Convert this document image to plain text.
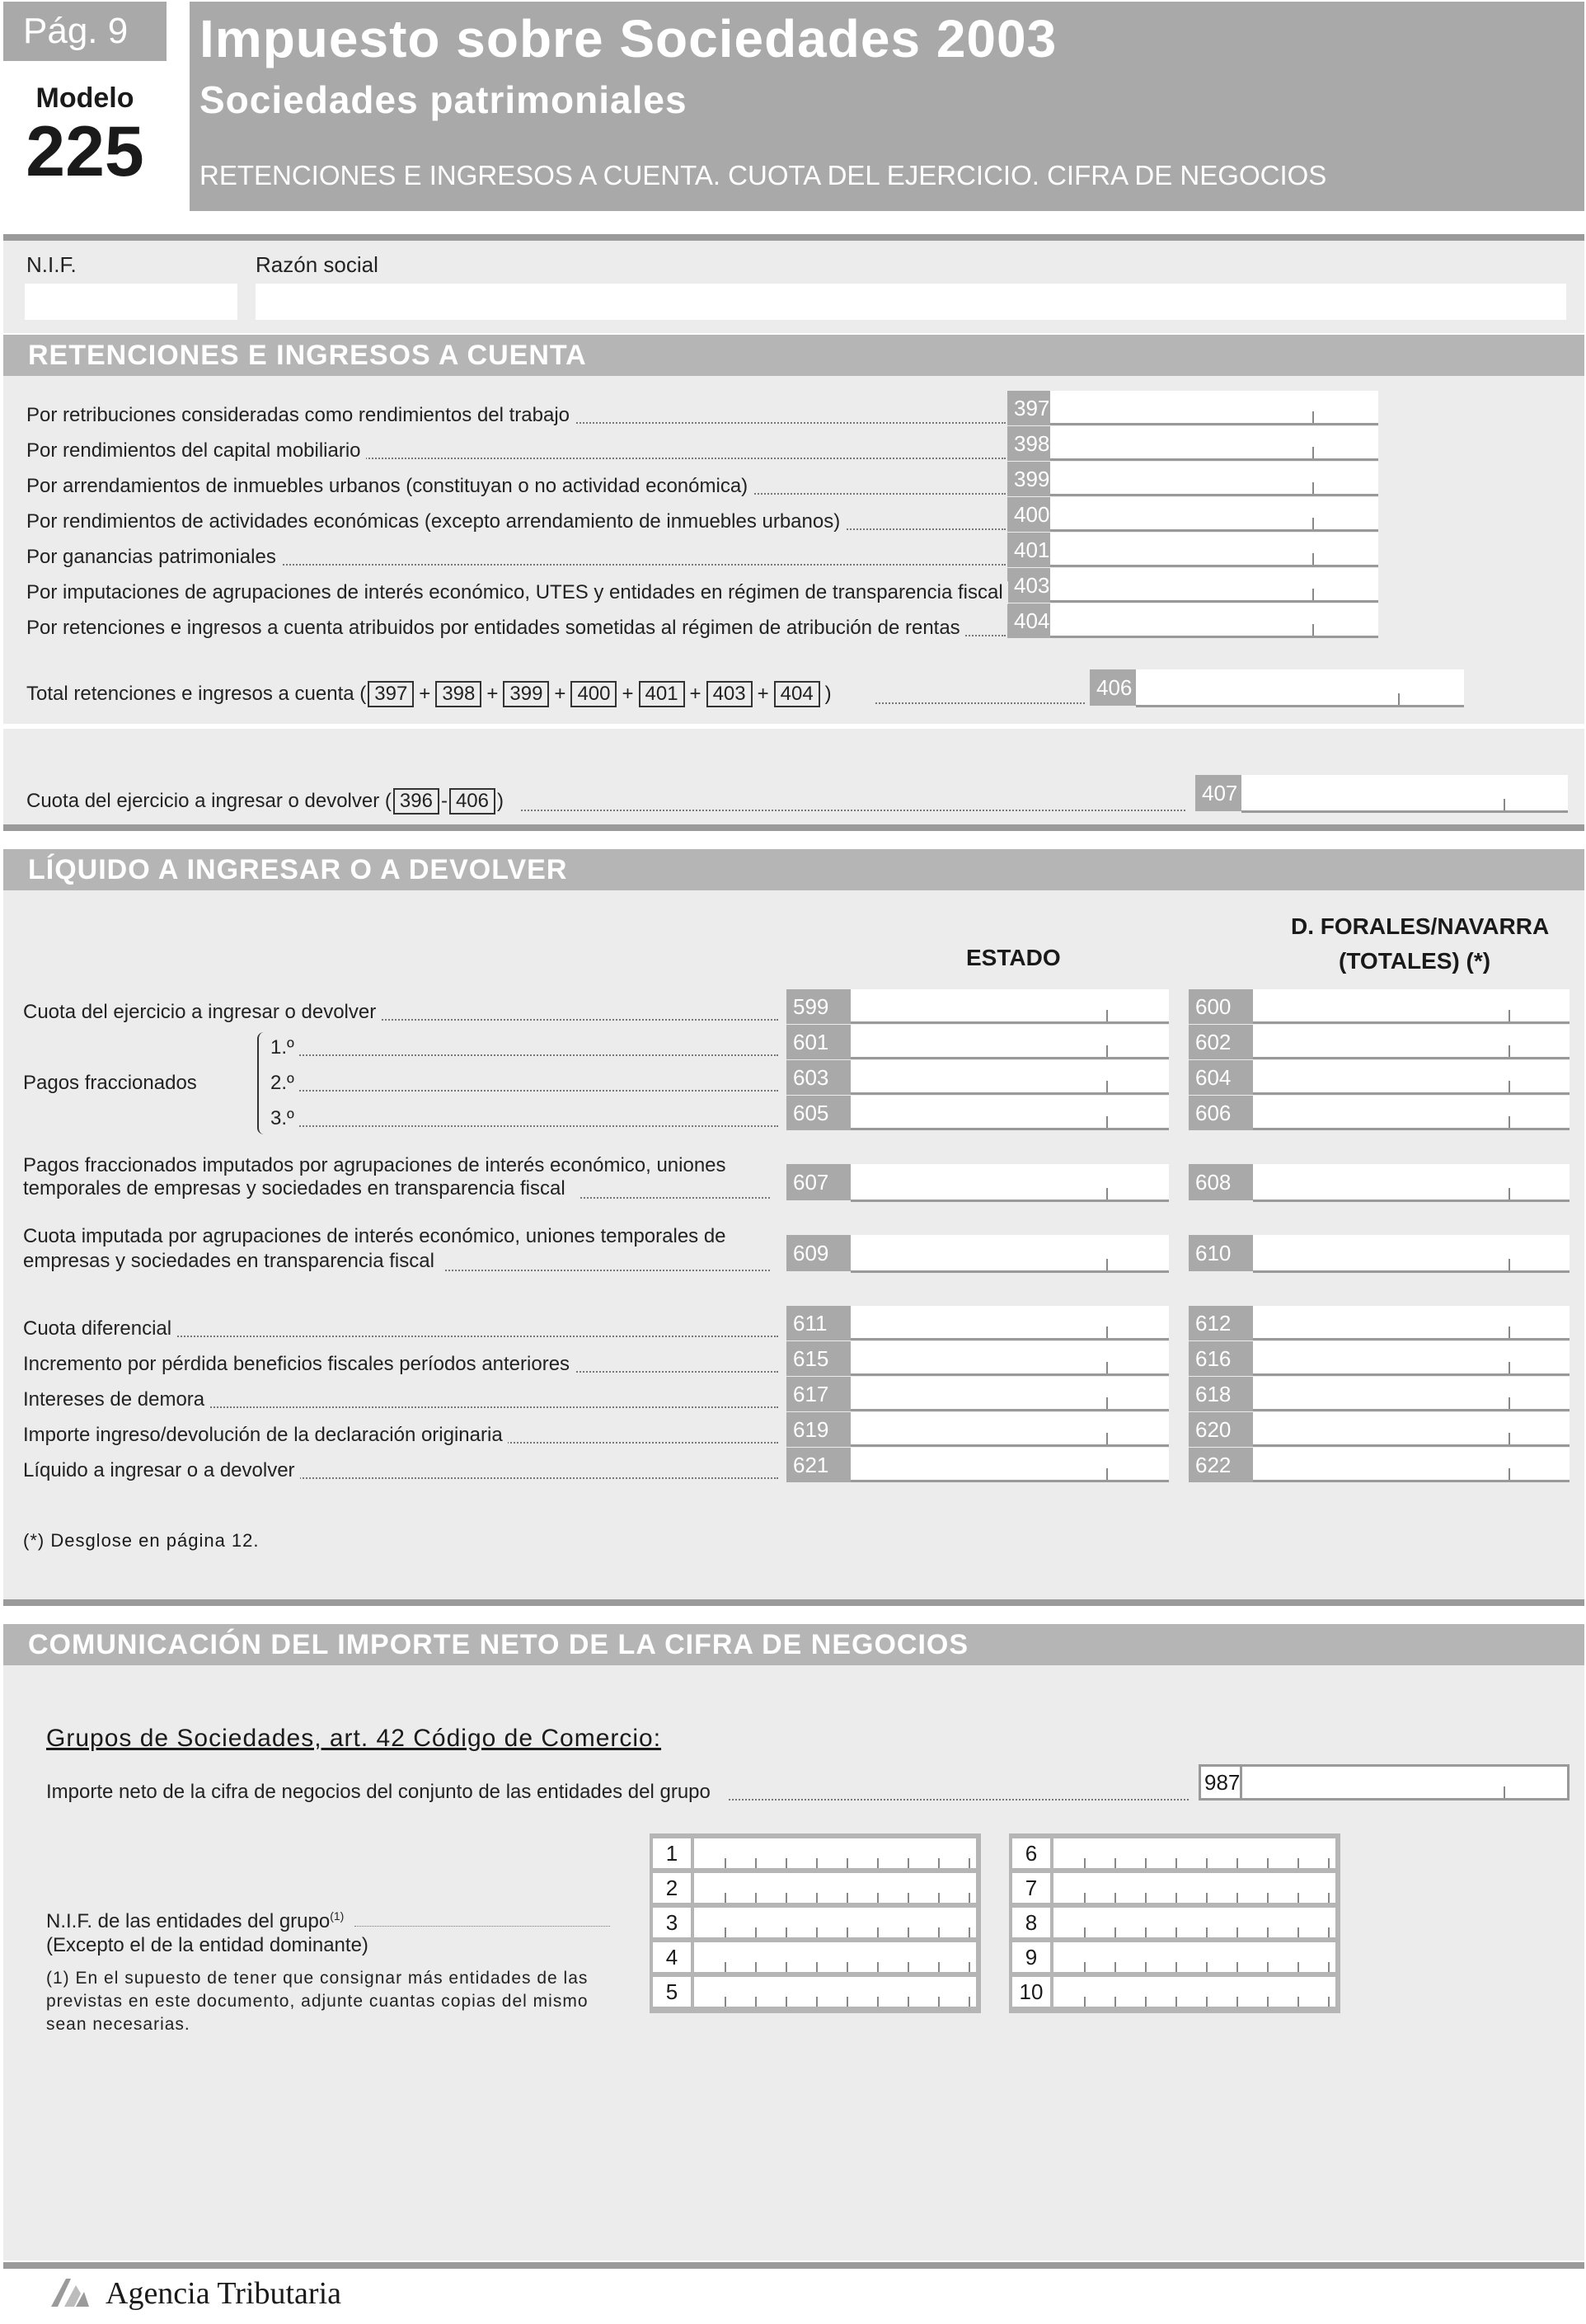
Pág. 9
Modelo
225
Impuesto sobre Sociedades 2003
Sociedades patrimoniales
RETENCIONES E INGRESOS A CUENTA. CUOTA DEL EJERCICIO. CIFRA DE NEGOCIOS
N.I.F.	Razón social
RETENCIONES E INGRESOS A CUENTA
Total retenciones e ingresos a cuenta ( 397 + 398 + 399 + 400 + 401 + 403 + 404 )	406
Cuota del ejercicio a ingresar o devolver ( 396 - 406 )	407
LÍQUIDO A INGRESAR O A DEVOLVER
ESTADO
D. FORALES/NAVARRA
(TOTALES) (*)
Pagos fraccionados
Pagos fraccionados imputados por agrupaciones de interés económico, uniones
temporales de empresas y sociedades en transparencia fiscal	607	608
Cuota imputada por agrupaciones de interés económico, uniones temporales de
empresas y sociedades en transparencia fiscal	609	610
(*) Desglose en página 12.
COMUNICACIÓN DEL IMPORTE NETO DE LA CIFRA DE NEGOCIOS
Grupos de Sociedades, art. 42 Código de Comercio:
Importe neto de la cifra de negocios del conjunto de las entidades del grupo	987
N.I.F. de las entidades del grupo$^{(1)}$
(Excepto el de la entidad dominante)
(1) En el supuesto de tener que consignar más entidades de las previstas en este documento, adjunte cuantas copias del mismo sean necesarias.
1
2
3
4
5
6
7
8
9
10
Agencia Tributaria
Por retribuciones consideradas como rendimientos del trabajo	397
Por rendimientos del capital mobiliario	398
Por arrendamientos de inmuebles urbanos (constituyan o no actividad económica)	399
Por rendimientos de actividades económicas (excepto arrendamiento de inmuebles urbanos)	400
Por ganancias patrimoniales	401
Por imputaciones de agrupaciones de interés económico, UTES y entidades en régimen de transparencia fiscal 403
Por retenciones e ingresos a cuenta atribuidos por entidades sometidas al régimen de atribución de rentas	404
Cuota del ejercicio a ingresar o devolver	599	600
1.º	601	602
2.º	603	604
3.º	605	606
Cuota diferencial	611	612
Incremento por pérdida beneficios fiscales períodos anteriores	615	616
Intereses de demora	617	618
Importe ingreso/devolución de la declaración originaria	619	620
Líquido a ingresar o a devolver	621	622
